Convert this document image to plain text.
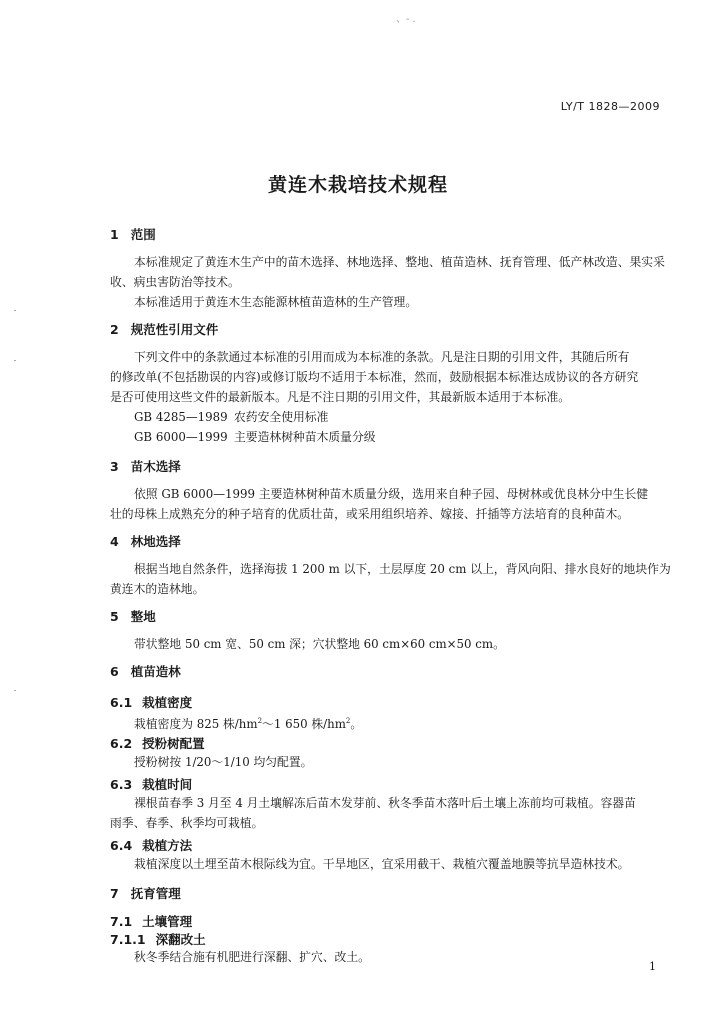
、- .
LY/T 1828—2009
黄连木栽培技术规程
1 范围
本标准规定了黄连木生产中的苗木选择、林地选择、整地、植苗造林、抚育管理、低产林改造、果实采
收、病虫害防治等技术。
本标准适用于黄连木生态能源林植苗造林的生产管理。
2 规范性引用文件
下列文件中的条款通过本标准的引用而成为本标准的条款。凡是注日期的引用文件，其随后所有
的修改单(不包括勘误的内容)或修订版均不适用于本标准，然而，鼓励根据本标准达成协议的各方研究
是否可使用这些文件的最新版本。凡是不注日期的引用文件，其最新版本适用于本标准。
GB 4285—1989 农药安全使用标准
GB 6000—1999 主要造林树种苗木质量分级
3 苗木选择
依照 GB 6000—1999 主要造林树种苗木质量分级，选用来自种子园、母树林或优良林分中生长健
壮的母株上成熟充分的种子培育的优质壮苗，或采用组织培养、嫁接、扦插等方法培育的良种苗木。
4 林地选择
根据当地自然条件，选择海拔 1 200 m 以下，土层厚度 20 cm 以上，背风向阳、排水良好的地块作为
黄连木的造林地。
5 整地
带状整地 50 cm 宽、50 cm 深；穴状整地 60 cm×60 cm×50 cm。
6 植苗造林
6.1 栽植密度
栽植密度为 825 株$/hm^2\sim 1$ 650 株$/hm^2$。
6.2 授粉树配置
授粉树按 1/20～1/10 均匀配置。
6.3 栽植时间
裸根苗春季 3 月至 4 月土壤解冻后苗木发芽前、秋冬季苗木落叶后土壤上冻前均可栽植。容器苗
雨季、春季、秋季均可栽植。
6.4 栽植方法
栽植深度以土埋至苗木根际线为宜。干旱地区，宜采用截干、栽植穴覆盖地膜等抗旱造林技术。
7 抚育管理
7.1 土壤管理
7.1.1 深翻改土
秋冬季结合施有机肥进行深翻、扩穴、改土。
1
